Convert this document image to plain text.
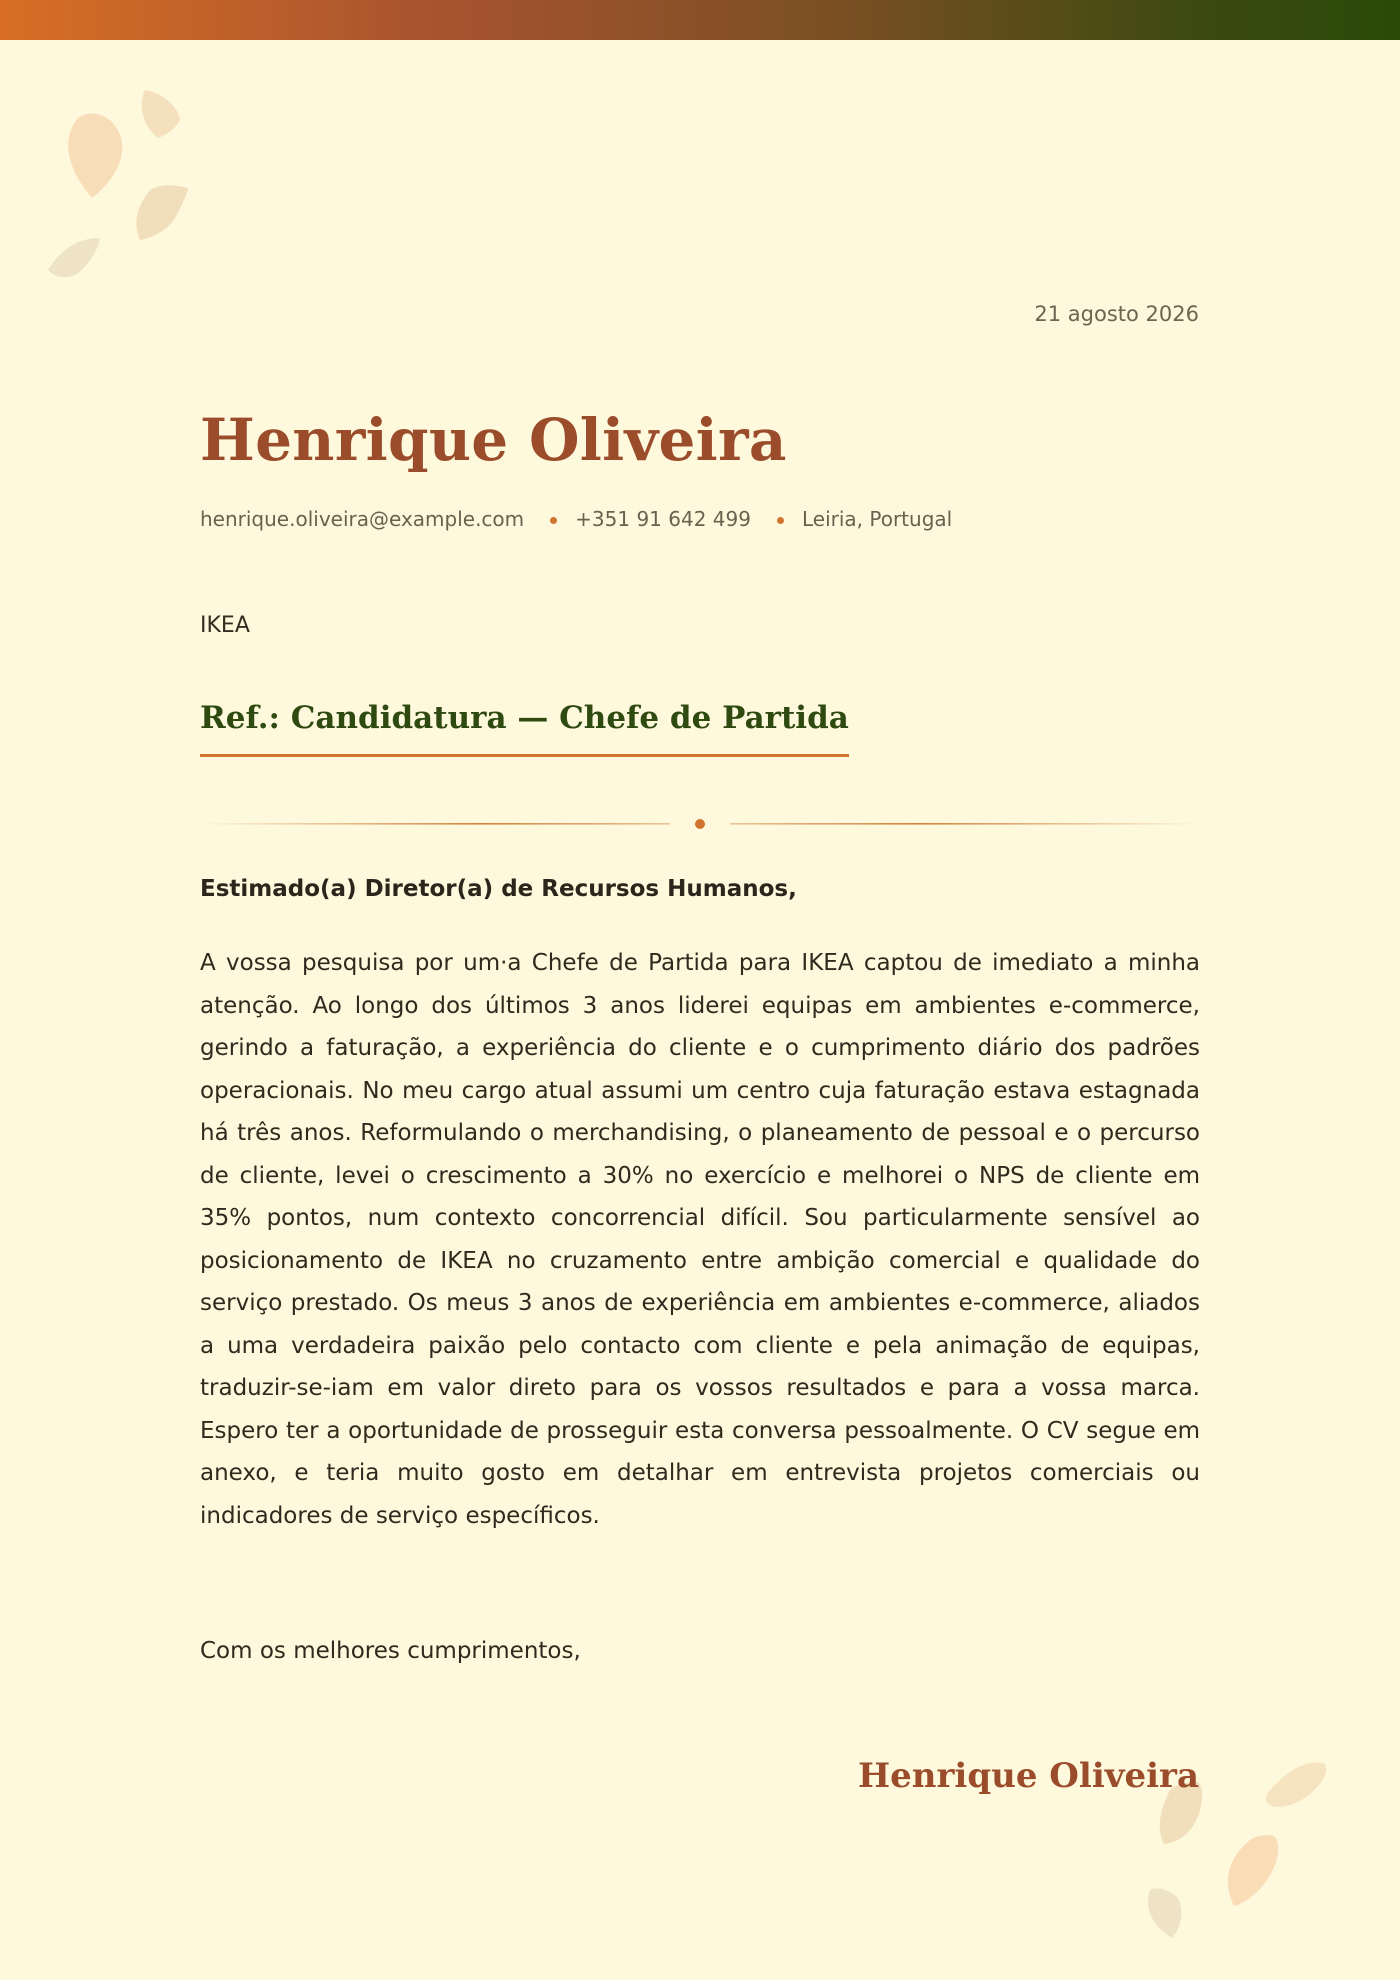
21 agosto 2026
Henrique Oliveira
henrique.oliveira@example.com	+351 91 642 499	Leiria, Portugal
IKEA
Ref.: Candidatura — Chefe de Partida
Estimado(a) Diretor(a) de Recursos Humanos,

A vossa pesquisa por um·a Chefe de Partida para IKEA captou de imediato a minha atenção. Ao longo dos últimos 3 anos liderei equipas em ambientes e-commerce, gerindo a faturação, a experiência do cliente e o cumprimento diário dos padrões operacionais. No meu cargo atual assumi um centro cuja faturação estava estagnada há três anos. Reformulando o merchandising, o planeamento de pessoal e o percurso de cliente, levei o crescimento a 30% no exercício e melhorei o NPS de cliente em 35% pontos, num contexto concorrencial difícil. Sou particularmente sensível ao posicionamento de IKEA no cruzamento entre ambição comercial e qualidade do serviço prestado. Os meus 3 anos de experiência em ambientes e-commerce, aliados a uma verdadeira paixão pelo contacto com cliente e pela animação de equipas, traduzir-se-iam em valor direto para os vossos resultados e para a vossa marca. Espero ter a oportunidade de prosseguir esta conversa pessoalmente. O CV segue em anexo, e teria muito gosto em detalhar em entrevista projetos comerciais ou indicadores de serviço específicos.

Com os melhores cumprimentos,
Henrique Oliveira
